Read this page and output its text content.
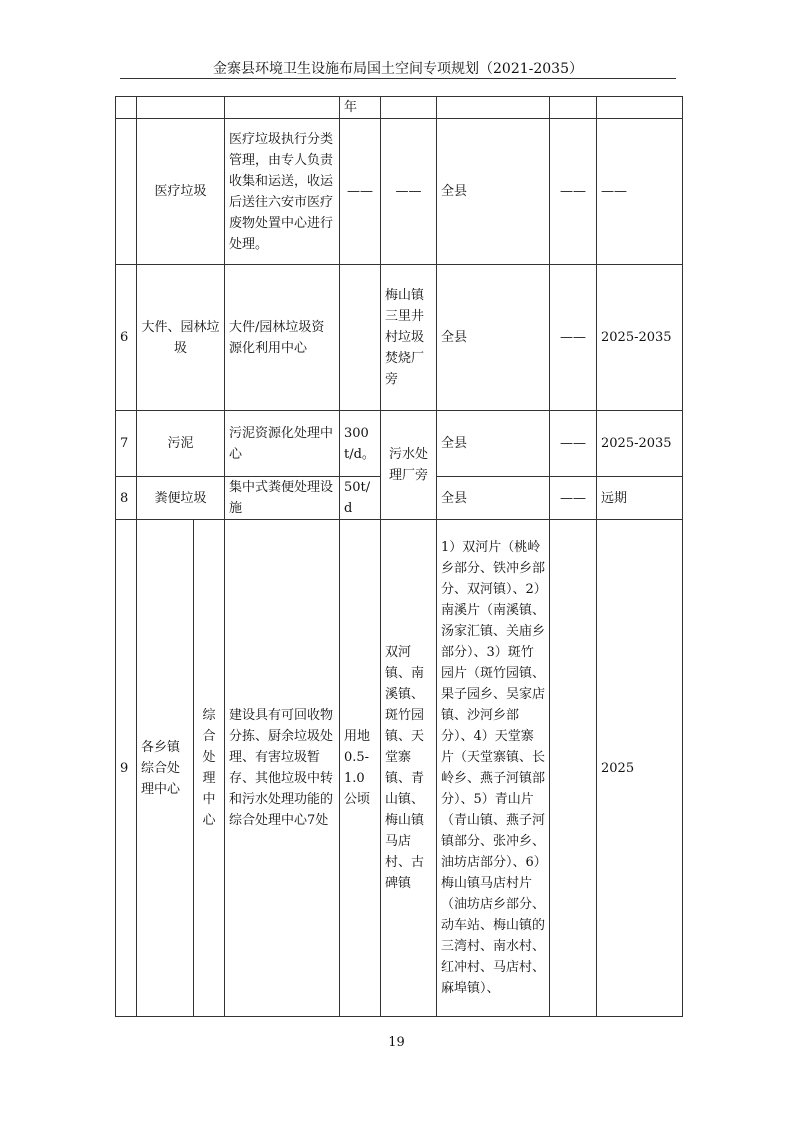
金寨县环境卫生设施布局国土空间专项规划（2021-2035）
				年				
	医疗垃圾		医疗垃圾执行分类管理，由专人负责收集和运送，收运后送往六安市医疗废物处置中心进行处理。	——	——	全县	——	——
6	大件、园林垃圾		大件/园林垃圾资源化利用中心		梅山镇三里井村垃圾焚烧厂旁	全县	——	2025-2035
7	污泥		污泥资源化处理中心	300 t/d。	污水处理厂旁	全县	——	2025-2035
8	粪便垃圾		集中式粪便处理设施	50t/d		全县	——	远期
9	各乡镇综合处理中心	综合处理中心	建设具有可回收物分拣、厨余垃圾处理、有害垃圾暂存、其他垃圾中转和污水处理功能的综合处理中心7处	用地0.5-1.0公顷	双河镇、南溪镇、斑竹园镇、天堂寨镇、青山镇、梅山镇马店村、古碑镇	1）双河片（桃岭乡部分、铁冲乡部分、双河镇）、2）南溪片（南溪镇、汤家汇镇、关庙乡部分）、3）斑竹园片（斑竹园镇、果子园乡、吴家店镇、沙河乡部分）、4）天堂寨片（天堂寨镇、长岭乡、燕子河镇部分）、5）青山片（青山镇、燕子河镇部分、张冲乡、油坊店部分）、6）梅山镇马店村片（油坊店乡部分、动车站、梅山镇的三湾村、南水村、红冲村、马店村、麻埠镇）、		2025
19
